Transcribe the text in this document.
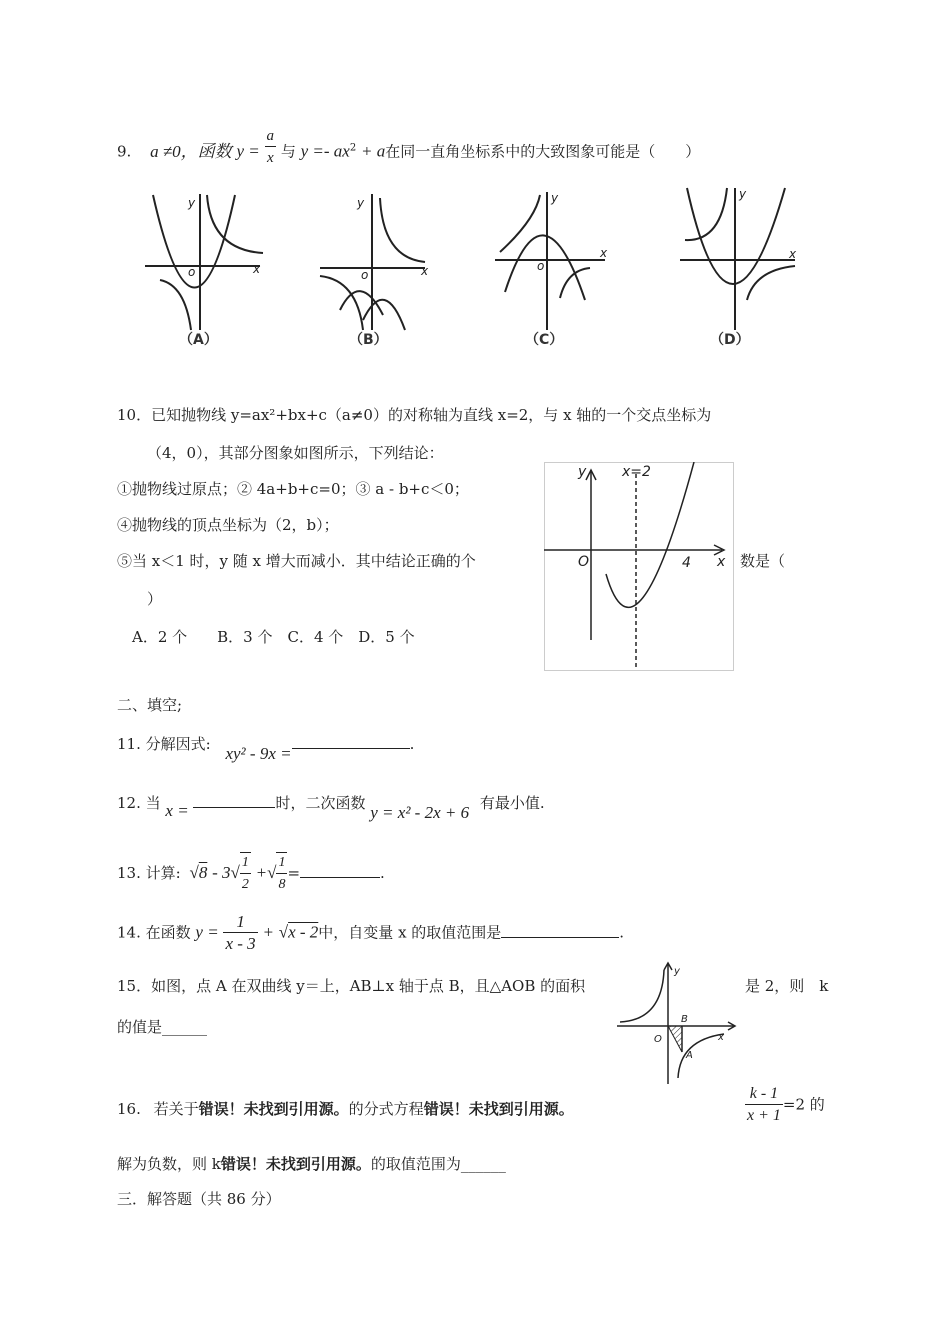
9. a ≠0，函数 $y = \frac{a}{x}$ 与 $y =- ax^2 + a$在同一直角坐标系中的大致图象可能是（　　）
x
y
o	x
y
o
x
y
o
x
y
（A）	（B）	（C）	（D）
10．已知抛物线 y=ax²+bx+c（a≠0）的对称轴为直线 x=2，与 x 轴的一个交点坐标为
（4，0），其部分图象如图所示，下列结论：
①抛物线过原点；② 4a+b+c=0；③ a - b+c＜0；
④抛物线的顶点坐标为（2，b）；
⑤当 x＜1 时，y 随 x 增大而减小．其中结论正确的个	数是（
）
A．2 个　　B．3 个　C．4 个　D．5 个
y	x=2
O	4 x
二、填空;
11. 分解因式: xy² - 9x =	.
12. 当 x =	时，二次函数 y = x² - 2x + 6 有最小值.
13. 计算: $√8 - 3√ \frac{1}{2}$ +√ $\frac{1}{8}$ =	.
14. 在函数 $y = \frac{1}{x - 3} + √x - 2$中，自变量 x 的取值范围是	.
15．如图，点 A 在双曲线 y＝上，AB⊥x 轴于点 B，且△AOB 的面积	是 2，则　k
的值是______
y
x
O
B
A
16. 若关于错误！未找到引用源。的分式方程错误！未找到引用源。	$\frac{k - 1}{x + 1} =2$ 的
解为负数，则 k错误！未找到引用源。的取值范围为______
三．解答题（共 86 分）
